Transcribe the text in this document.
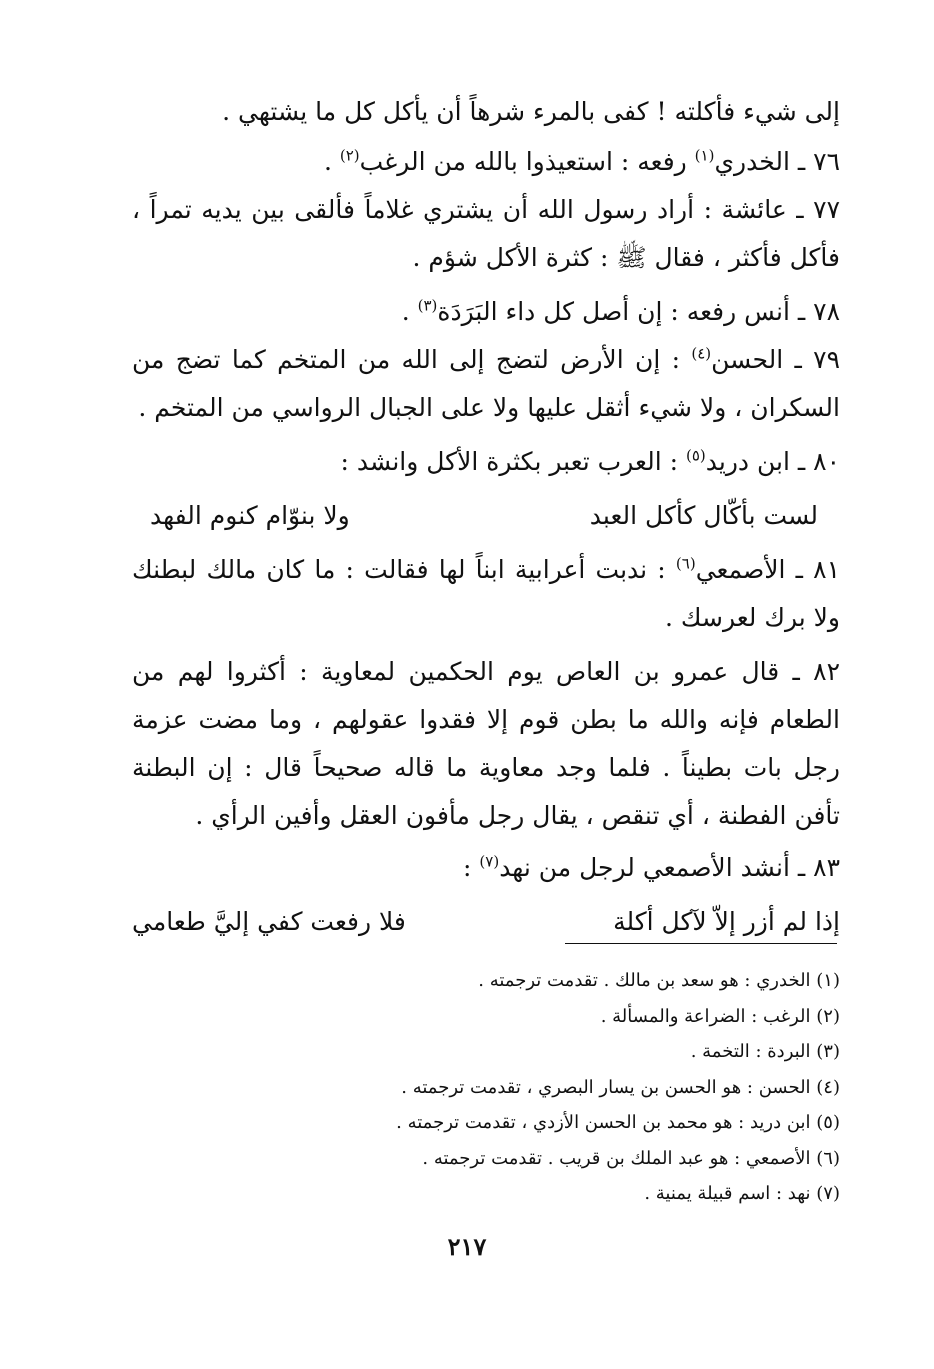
إلى شيء فأكلته ! كفى بالمرء شرهاً أن يأكل كل ما يشتهي .

٧٦ ـ الخدري$^{(١)}$ رفعه : استعيذوا بالله من الرغب$^{(٢)}$ .

٧٧ ـ عائشة : أراد رسول الله أن يشتري غلاماً فألقى بين يديه تمراً ، فأكل فأكثر ، فقال ﷺ : كثرة الأكل شؤم .

٧٨ ـ أنس رفعه : إن أصل كل داء البَرَدَة$^{(٣)}$ .

٧٩ ـ الحسن$^{(٤)}$ : إن الأرض لتضج إلى الله من المتخم كما تضج من السكران ، ولا شيء أثقل عليها ولا على الجبال الرواسي من المتخم .

٨٠ ـ ابن دريد$^{(٥)}$ : العرب تعبر بكثرة الأكل وانشد :

لست بأكّال كأكل العبد
ولا بنوّام كنوم الفهد

٨١ ـ الأصمعي$^{(٦)}$ : ندبت أعرابية ابناً لها فقالت : ما كان مالك لبطنك ولا برك لعرسك .

٨٢ ـ قال عمرو بن العاص يوم الحكمين لمعاوية : أكثروا لهم من الطعام فإنه والله ما بطن قوم إلا فقدوا عقولهم ، وما مضت عزمة رجل بات بطيناً . فلما وجد معاوية ما قاله صحيحاً قال : إن البطنة تأفن الفطنة ، أي تنقص ، يقال رجل مأفون العقل وأفين الرأي .

٨٣ ـ أنشد الأصمعي لرجل من نهد$^{(٧)}$ :

إذا لم أزر إلاّ لآكل أكلة
فلا رفعت كفي إليَّ طعامي

(١) الخدري : هو سعد بن مالك . تقدمت ترجمته .

(٢) الرغب : الضراعة والمسألة .

(٣) البردة : التخمة .

(٤) الحسن : هو الحسن بن يسار البصري ، تقدمت ترجمته .

(٥) ابن دريد : هو محمد بن الحسن الأزدي ، تقدمت ترجمته .

(٦) الأصمعي : هو عبد الملك بن قريب . تقدمت ترجمته .

(٧) نهد : اسم قبيلة يمنية .

٢١٧
